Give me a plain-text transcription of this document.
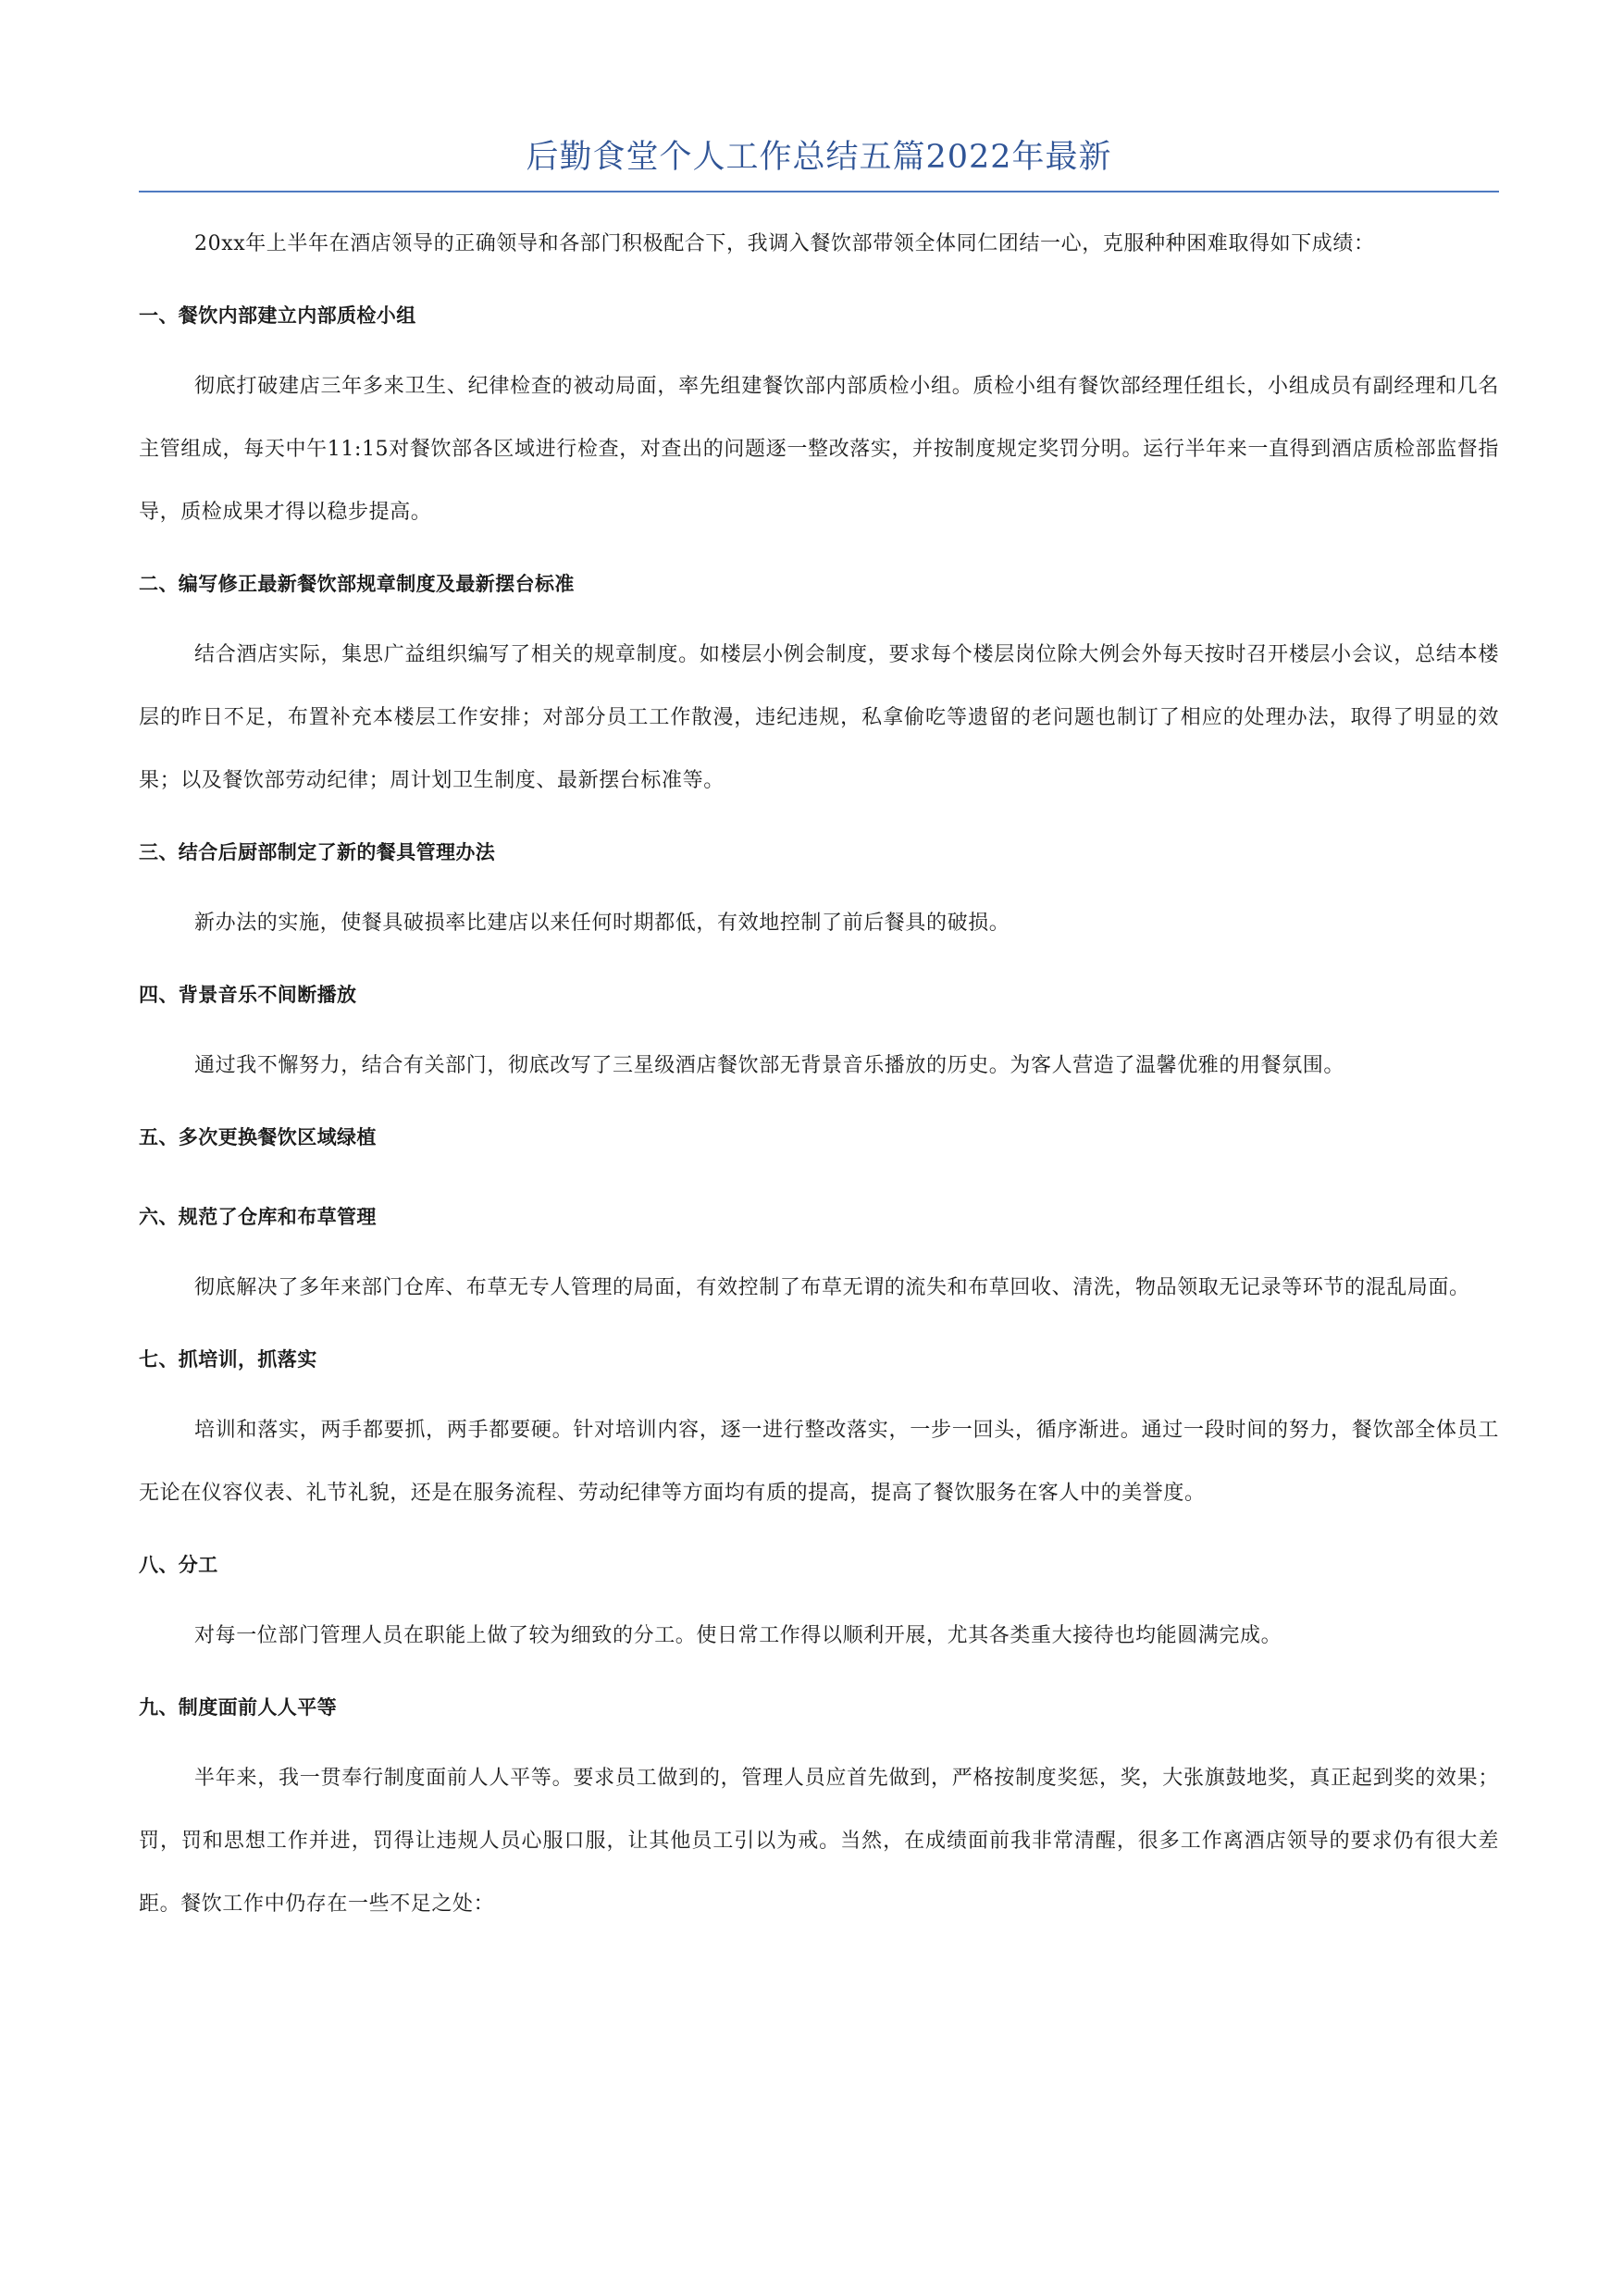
后勤食堂个人工作总结五篇2022年最新

20xx年上半年在酒店领导的正确领导和各部门积极配合下，我调入餐饮部带领全体同仁团结一心，克服种种困难取得如下成绩：

一、餐饮内部建立内部质检小组

彻底打破建店三年多来卫生、纪律检查的被动局面，率先组建餐饮部内部质检小组。质检小组有餐饮部经理任组长，小组成员有副经理和几名主管组成，每天中午11:15对餐饮部各区域进行检查，对查出的问题逐一整改落实，并按制度规定奖罚分明。运行半年来一直得到酒店质检部监督指导，质检成果才得以稳步提高。

二、编写修正最新餐饮部规章制度及最新摆台标准

结合酒店实际，集思广益组织编写了相关的规章制度。如楼层小例会制度，要求每个楼层岗位除大例会外每天按时召开楼层小会议，总结本楼层的昨日不足，布置补充本楼层工作安排；对部分员工工作散漫，违纪违规，私拿偷吃等遗留的老问题也制订了相应的处理办法，取得了明显的效果；以及餐饮部劳动纪律；周计划卫生制度、最新摆台标准等。

三、结合后厨部制定了新的餐具管理办法

新办法的实施，使餐具破损率比建店以来任何时期都低，有效地控制了前后餐具的破损。

四、背景音乐不间断播放

通过我不懈努力，结合有关部门，彻底改写了三星级酒店餐饮部无背景音乐播放的历史。为客人营造了温馨优雅的用餐氛围。

五、多次更换餐饮区域绿植
六、规范了仓库和布草管理

彻底解决了多年来部门仓库、布草无专人管理的局面，有效控制了布草无谓的流失和布草回收、清洗，物品领取无记录等环节的混乱局面。

七、抓培训，抓落实

培训和落实，两手都要抓，两手都要硬。针对培训内容，逐一进行整改落实，一步一回头，循序渐进。通过一段时间的努力，餐饮部全体员工无论在仪容仪表、礼节礼貌，还是在服务流程、劳动纪律等方面均有质的提高，提高了餐饮服务在客人中的美誉度。

八、分工

对每一位部门管理人员在职能上做了较为细致的分工。使日常工作得以顺利开展，尤其各类重大接待也均能圆满完成。

九、制度面前人人平等

半年来，我一贯奉行制度面前人人平等。要求员工做到的，管理人员应首先做到，严格按制度奖惩，奖，大张旗鼓地奖，真正起到奖的效果；罚，罚和思想工作并进，罚得让违规人员心服口服，让其他员工引以为戒。当然，在成绩面前我非常清醒，很多工作离酒店领导的要求仍有很大差距。餐饮工作中仍存在一些不足之处：
